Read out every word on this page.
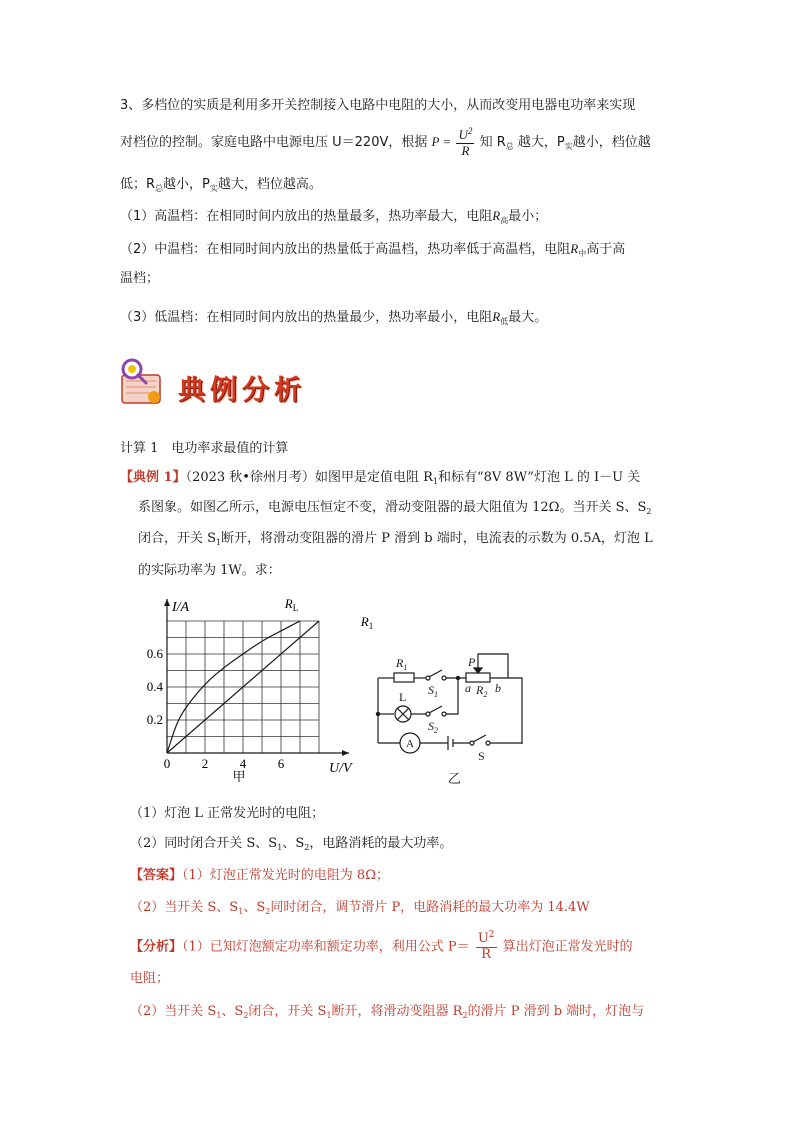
3、多档位的实质是利用多开关控制接入电路中电阻的大小，从而改变用电器电功率来实现
对档位的控制。家庭电路中电源电压 U＝220V，根据 $P = \frac{U^2}{R}$ 知 $R_总$ 越大，$P_实$越小，档位越
低；$R_总$越小，$P_实$越大，档位越高。
（1）高温档：在相同时间内放出的热量最多，热功率最大，电阻$R_高$最小；
（2）中温档：在相同时间内放出的热量低于高温档，热功率低于高温档，电阻$R_中$高于高
温档；
（3）低温档：在相同时间内放出的热量最少，热功率最小，电阻$R_低$最大。
典例分析
计算 1　电功率求最值的计算
【典例 1】（2023 秋•徐州月考）如图甲是定值电阻 $R_1$和标有“8V 8W”灯泡 L 的 I－U 关
系图象。如图乙所示，电源电压恒定不变，滑动变阻器的最大阻值为 12Ω。当开关 S、$S_2$
闭合，开关 $S_1$断开，将滑动变阻器的滑片 P 滑到 b 端时，电流表的示数为 0.5A，灯泡 L
的实际功率为 1W。求：
0 2 4 6
0.2
0.4
0.6
$R_L$
$R_1$
I/A
U/V
甲
$R_1$
$S_1$
P
a $R_2$ b
L
$S_2$
A
S
乙
（1）灯泡 L 正常发光时的电阻；
（2）同时闭合开关 S、$S_1$、$S_2$，电路消耗的最大功率。
【答案】（1）灯泡正常发光时的电阻为 8Ω；
（2）当开关 S、$S_1$、$S_2$同时闭合，调节滑片 P，电路消耗的最大功率为 14.4W
【分析】（1）已知灯泡额定功率和额定功率，利用公式 $P= \frac{U^2}{R}$ 算出灯泡正常发光时的
电阻；
（2）当开关 $S_1$、$S_2$闭合，开关 $S_1$断开，将滑动变阻器 $R_2$的滑片 P 滑到 b 端时，灯泡与
